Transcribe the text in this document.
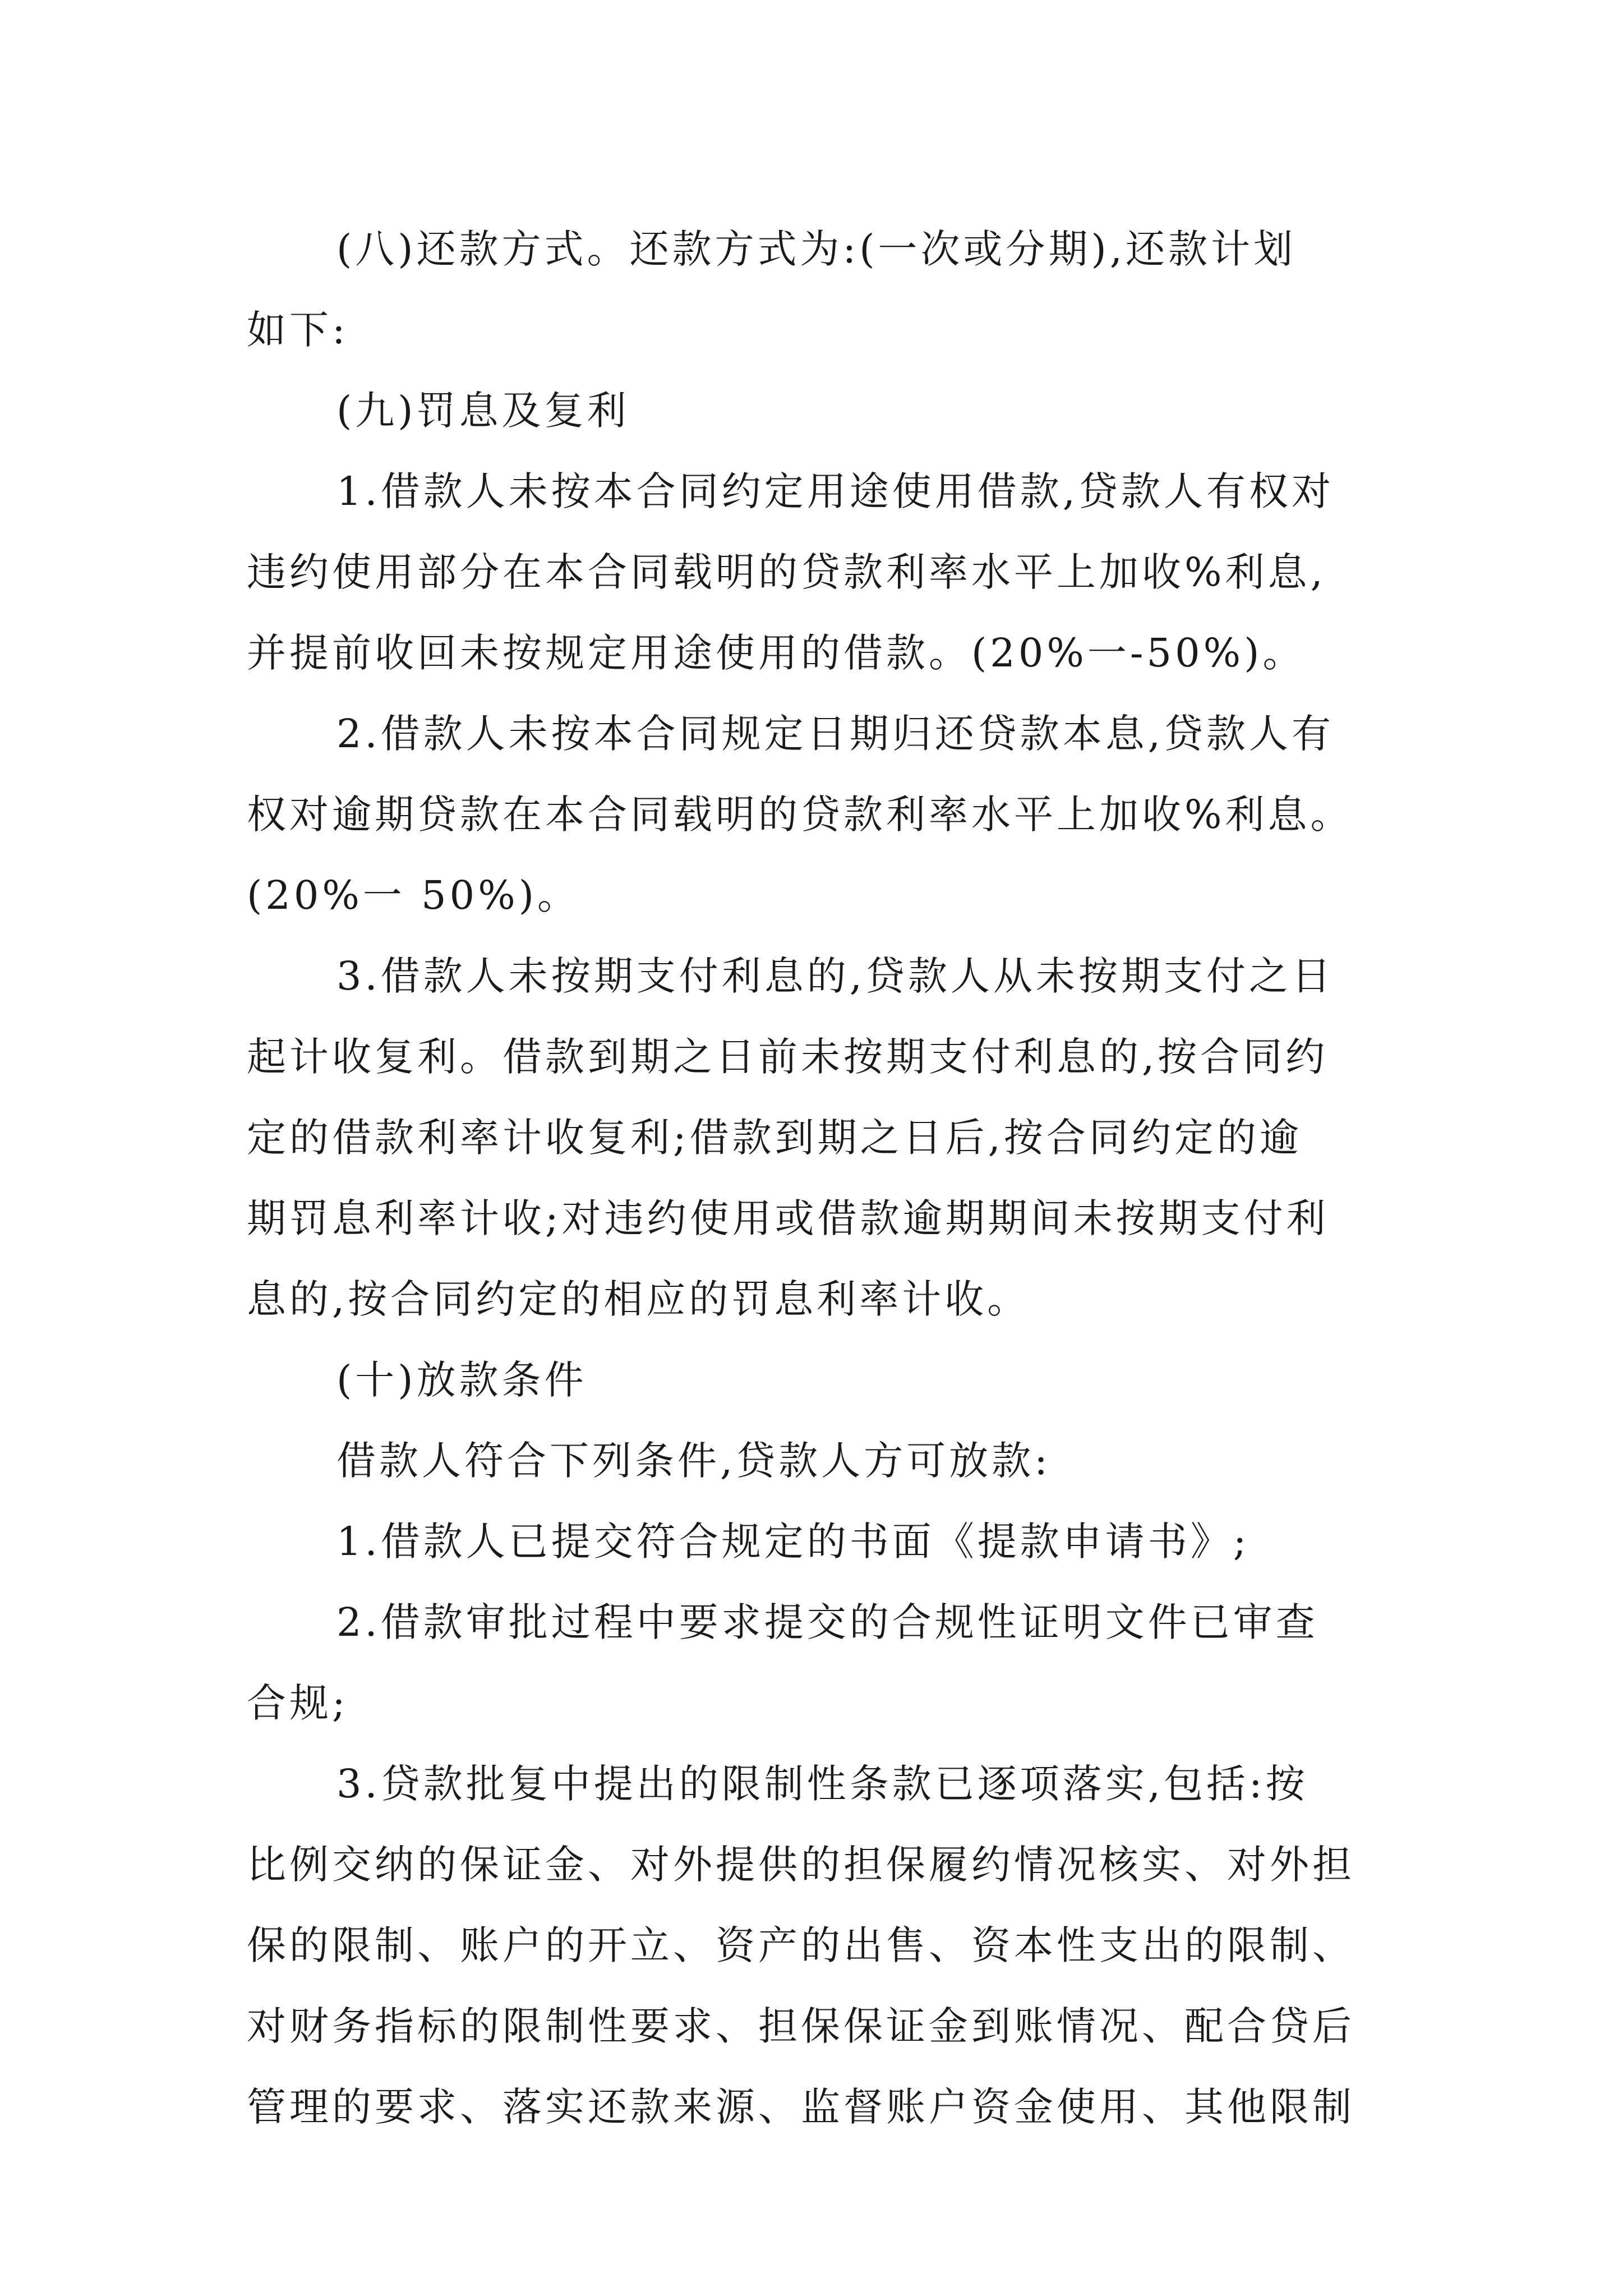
(八)还款方式。还款方式为:(一次或分期),还款计划
如下:
(九)罚息及复利
1.借款人未按本合同约定用途使用借款,贷款人有权对
违约使用部分在本合同载明的贷款利率水平上加收%利息,
并提前收回未按规定用途使用的借款。(20%一-50%)。
2.借款人未按本合同规定日期归还贷款本息,贷款人有
权对逾期贷款在本合同载明的贷款利率水平上加收%利息。
(20%一 50%)。
3.借款人未按期支付利息的,贷款人从未按期支付之日
起计收复利。借款到期之日前未按期支付利息的,按合同约
定的借款利率计收复利;借款到期之日后,按合同约定的逾
期罚息利率计收;对违约使用或借款逾期期间未按期支付利
息的,按合同约定的相应的罚息利率计收。
(十)放款条件
借款人符合下列条件,贷款人方可放款:
1.借款人已提交符合规定的书面《提款申请书》;
2.借款审批过程中要求提交的合规性证明文件已审查
合规;
3.贷款批复中提出的限制性条款已逐项落实,包括:按
比例交纳的保证金、对外提供的担保履约情况核实、对外担
保的限制、账户的开立、资产的出售、资本性支出的限制、
对财务指标的限制性要求、担保保证金到账情况、配合贷后
管理的要求、落实还款来源、监督账户资金使用、其他限制
